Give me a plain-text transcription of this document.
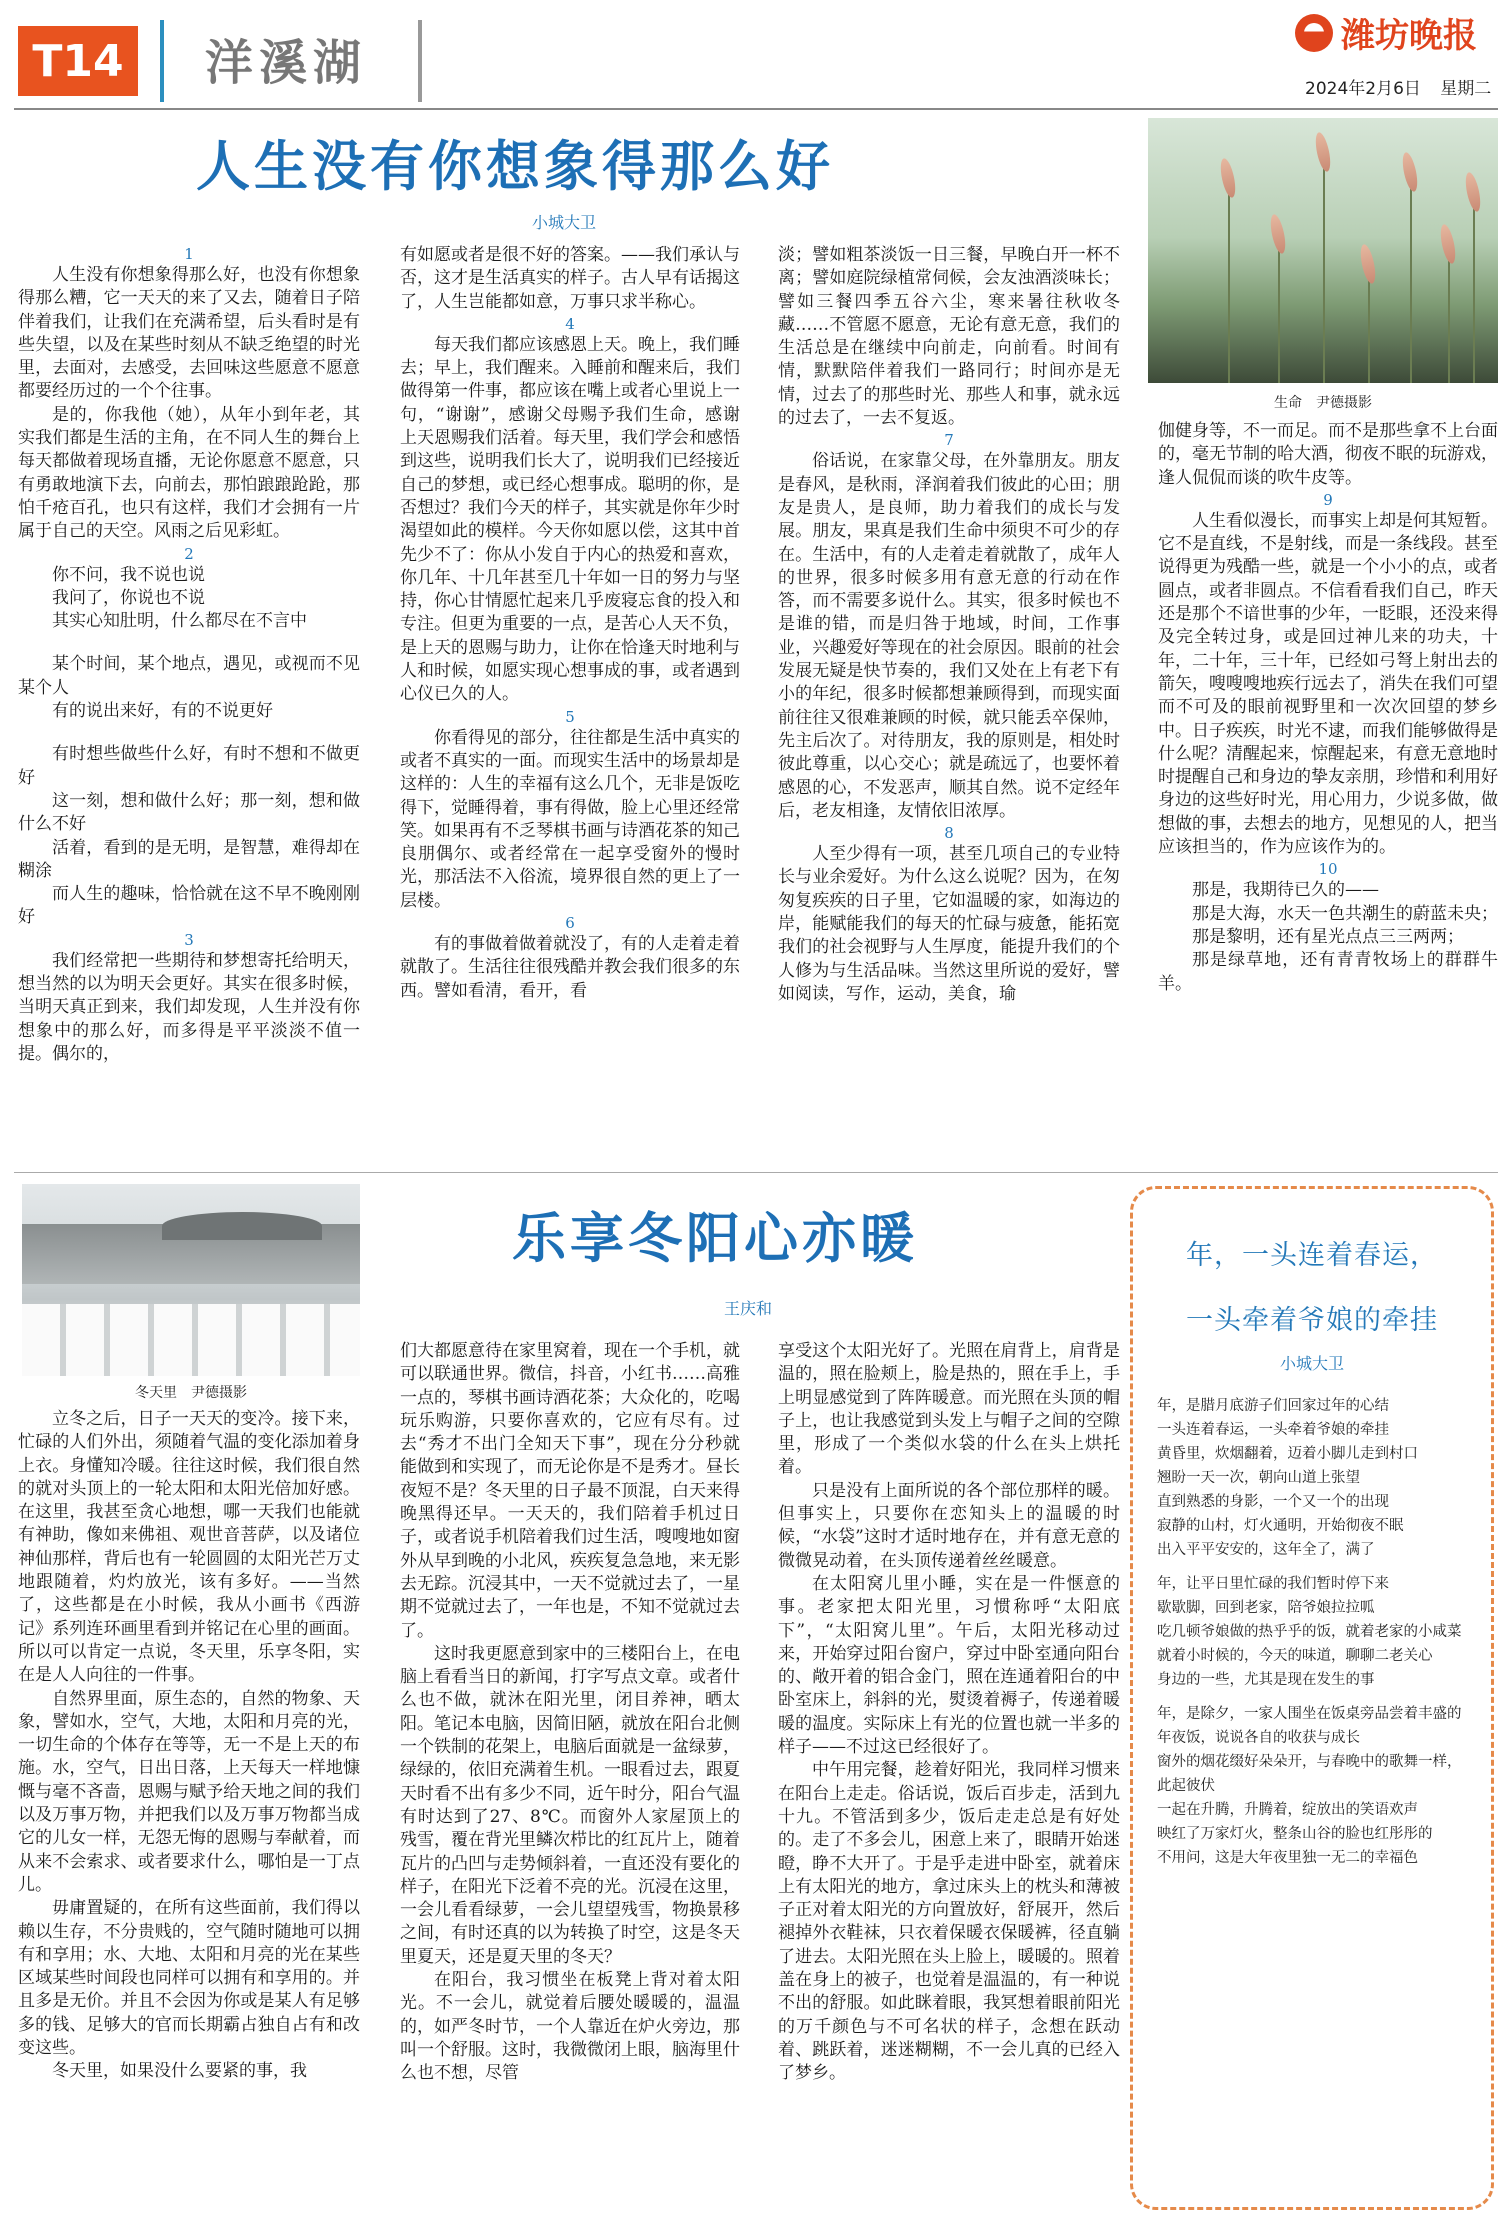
T14 洋溪湖	潍坊晚报
2024年2月6日 星期二
人生没有你想象得那么好
小城大卫

1

人生没有你想象得那么好，也没有你想象得那么糟，它一天天的来了又去，随着日子陪伴着我们，让我们在充满希望，后头看时是有些失望，以及在某些时刻从不缺乏绝望的时光里，去面对，去感受，去回味这些愿意不愿意都要经历过的一个个往事。

是的，你我他（她），从年小到年老，其实我们都是生活的主角，在不同人生的舞台上每天都做着现场直播，无论你愿意不愿意，只有勇敢地演下去，向前去，那怕踉踉跄跄，那怕千疮百孔，也只有这样，我们才会拥有一片属于自己的天空。风雨之后见彩虹。

2

你不问，我不说也说

我问了，你说也不说

其实心知肚明，什么都尽在不言中

某个时间，某个地点，遇见，或视而不见某个人

有的说出来好，有的不说更好

有时想些做些什么好，有时不想和不做更好

这一刻，想和做什么好；那一刻，想和做什么不好

活着，看到的是无明，是智慧，难得却在糊涂

而人生的趣味，恰恰就在这不早不晚刚刚好

3

我们经常把一些期待和梦想寄托给明天，想当然的以为明天会更好。其实在很多时候，当明天真正到来，我们却发现，人生并没有你想象中的那么好，而多得是平平淡淡不值一提。偶尔的，

有如愿或者是很不好的答案。——我们承认与否，这才是生活真实的样子。古人早有话揭这了，人生岂能都如意，万事只求半称心。

4

每天我们都应该感恩上天。晚上，我们睡去；早上，我们醒来。入睡前和醒来后，我们做得第一件事，都应该在嘴上或者心里说上一句，“谢谢”，感谢父母赐予我们生命，感谢上天恩赐我们活着。每天里，我们学会和感悟到这些，说明我们长大了，说明我们已经接近自己的梦想，或已经心想事成。聪明的你，是否想过？我们今天的样子，其实就是你年少时渴望如此的模样。今天你如愿以偿，这其中首先少不了：你从小发自于内心的热爱和喜欢，你几年、十几年甚至几十年如一日的努力与坚持，你心甘情愿忙起来几乎废寝忘食的投入和专注。但更为重要的一点，是苦心人天不负，是上天的恩赐与助力，让你在恰逢天时地利与人和时候，如愿实现心想事成的事，或者遇到心仪已久的人。

5

你看得见的部分，往往都是生活中真实的或者不真实的一面。而现实生活中的场景却是这样的：人生的幸福有这么几个，无非是饭吃得下，觉睡得着，事有得做，脸上心里还经常笑。如果再有不乏琴棋书画与诗酒花茶的知己良朋偶尔、或者经常在一起享受窗外的慢时光，那活法不入俗流，境界很自然的更上了一层楼。

6

有的事做着做着就没了，有的人走着走着就散了。生活往往很残酷并教会我们很多的东西。譬如看清，看开，看

淡；譬如粗茶淡饭一日三餐，早晚白开一杯不离；譬如庭院绿植常伺候，会友浊酒淡味长；譬如三餐四季五谷六尘，寒来暑往秋收冬藏……不管愿不愿意，无论有意无意，我们的生活总是在继续中向前走，向前看。时间有情，默默陪伴着我们一路同行；时间亦是无情，过去了的那些时光、那些人和事，就永远的过去了，一去不复返。

7

俗话说，在家靠父母，在外靠朋友。朋友是春风，是秋雨，泽润着我们彼此的心田；朋友是贵人，是良师，助力着我们的成长与发展。朋友，果真是我们生命中须臾不可少的存在。生活中，有的人走着走着就散了，成年人的世界，很多时候多用有意无意的行动在作答，而不需要多说什么。其实，很多时候也不是谁的错，而是归咎于地域，时间，工作事业，兴趣爱好等现在的社会原因。眼前的社会发展无疑是快节奏的，我们又处在上有老下有小的年纪，很多时候都想兼顾得到，而现实面前往往又很难兼顾的时候，就只能丢卒保帅，先主后次了。对待朋友，我的原则是，相处时彼此尊重，以心交心；就是疏远了，也要怀着感恩的心，不发恶声，顺其自然。说不定经年后，老友相逢，友情依旧浓厚。

8

人至少得有一项，甚至几项自己的专业特长与业余爱好。为什么这么说呢？因为，在匆匆复疾疾的日子里，它如温暖的家，如海边的岸，能赋能我们的每天的忙碌与疲惫，能拓宽我们的社会视野与人生厚度，能提升我们的个人修为与生活品味。当然这里所说的爱好，譬如阅读，写作，运动，美食，瑜

生命　尹德摄影

伽健身等，不一而足。而不是那些拿不上台面的，毫无节制的哈大酒，彻夜不眠的玩游戏，逢人侃侃而谈的吹牛皮等。

9

人生看似漫长，而事实上却是何其短暂。它不是直线，不是射线，而是一条线段。甚至说得更为残酷一些，就是一个小小的点，或者圆点，或者非圆点。不信看看我们自己，昨天还是那个不谙世事的少年，一眨眼，还没来得及完全转过身，或是回过神儿来的功夫，十年，二十年，三十年，已经如弓弩上射出去的箭矢，嗖嗖嗖地疾行远去了，消失在我们可望而不可及的眼前视野里和一次次回望的梦乡中。日子疾疾，时光不逮，而我们能够做得是什么呢？清醒起来，惊醒起来，有意无意地时时提醒自己和身边的挚友亲朋，珍惜和利用好身边的这些好时光，用心用力，少说多做，做想做的事，去想去的地方，见想见的人，把当应该担当的，作为应该作为的。

10

那是，我期待已久的——

那是大海，水天一色共潮生的蔚蓝未央；

那是黎明，还有星光点点三三两两；

那是绿草地，还有青青牧场上的群群牛羊。

冬天里　尹德摄影
乐享冬阳心亦暖
王庆和

立冬之后，日子一天天的变冷。接下来，忙碌的人们外出，须随着气温的变化添加着身上衣。身懂知冷暖。往往这时候，我们很自然的就对头顶上的一轮太阳和太阳光倍加好感。在这里，我甚至贪心地想，哪一天我们也能就有神助，像如来佛祖、观世音菩萨，以及诸位神仙那样，背后也有一轮圆圆的太阳光芒万丈地跟随着，灼灼放光，该有多好。——当然了，这些都是在小时候，我从小画书《西游记》系列连环画里看到并铭记在心里的画面。所以可以肯定一点说，冬天里，乐享冬阳，实在是人人向往的一件事。

自然界里面，原生态的，自然的物象、天象，譬如水，空气，大地，太阳和月亮的光，一切生命的个体存在等等，无一不是上天的布施。水，空气，日出日落，上天每天一样地慷慨与毫不吝啬，恩赐与赋予给天地之间的我们以及万事万物，并把我们以及万事万物都当成它的儿女一样，无怨无悔的恩赐与奉献着，而从来不会索求、或者要求什么，哪怕是一丁点儿。

毋庸置疑的，在所有这些面前，我们得以赖以生存，不分贵贱的，空气随时随地可以拥有和享用；水、大地、太阳和月亮的光在某些区域某些时间段也同样可以拥有和享用的。并且多是无价。并且不会因为你或是某人有足够多的钱、足够大的官而长期霸占独自占有和改变这些。

冬天里，如果没什么要紧的事，我

们大都愿意待在家里窝着，现在一个手机，就可以联通世界。微信，抖音，小红书……高雅一点的，琴棋书画诗酒花茶；大众化的，吃喝玩乐购游，只要你喜欢的，它应有尽有。过去“秀才不出门全知天下事”，现在分分秒就能做到和实现了，而无论你是不是秀才。昼长夜短不是？冬天里的日子最不顶混，白天来得晚黑得还早。一天天的，我们陪着手机过日子，或者说手机陪着我们过生活，嗖嗖地如窗外从早到晚的小北风，疾疾复急急地，来无影去无踪。沉浸其中，一天不觉就过去了，一星期不觉就过去了，一年也是，不知不觉就过去了。

这时我更愿意到家中的三楼阳台上，在电脑上看看当日的新闻，打字写点文章。或者什么也不做，就沐在阳光里，闭目养神，晒太阳。笔记本电脑，因简旧陋，就放在阳台北侧一个铁制的花架上，电脑后面就是一盆绿萝，绿绿的，依旧充满着生机。一眼看过去，跟夏天时看不出有多少不同，近午时分，阳台气温有时达到了27、8℃。而窗外人家屋顶上的残雪，覆在背光里鳞次栉比的红瓦片上，随着瓦片的凸凹与走势倾斜着，一直还没有要化的样子，在阳光下泛着不亮的光。沉浸在这里，一会儿看看绿萝，一会儿望望残雪，物换景移之间，有时还真的以为转换了时空，这是冬天里夏天，还是夏天里的冬天？

在阳台，我习惯坐在板凳上背对着太阳光。不一会儿，就觉着后腰处暖暖的，温温的，如严冬时节，一个人靠近在炉火旁边，那叫一个舒服。这时，我微微闭上眼，脑海里什么也不想，尽管

享受这个太阳光好了。光照在肩背上，肩背是温的，照在脸颊上，脸是热的，照在手上，手上明显感觉到了阵阵暖意。而光照在头顶的帽子上，也让我感觉到头发上与帽子之间的空隙里，形成了一个类似水袋的什么在头上烘托着。

只是没有上面所说的各个部位那样的暖。但事实上，只要你在恋知头上的温暖的时候，“水袋”这时才适时地存在，并有意无意的微微晃动着，在头顶传递着丝丝暖意。

在太阳窝儿里小睡，实在是一件惬意的事。老家把太阳光里，习惯称呼“太阳底下”，“太阳窝儿里”。午后，太阳光移动过来，开始穿过阳台窗户，穿过中卧室通向阳台的、敞开着的铝合金门，照在连通着阳台的中卧室床上，斜斜的光，熨烫着褥子，传递着暖暖的温度。实际床上有光的位置也就一半多的样子——不过这已经很好了。

中午用完餐，趁着好阳光，我同样习惯来在阳台上走走。俗话说，饭后百步走，活到九十九。不管活到多少，饭后走走总是有好处的。走了不多会儿，困意上来了，眼睛开始迷瞪，睁不大开了。于是乎走进中卧室，就着床上有太阳光的地方，拿过床头上的枕头和薄被子正对着太阳光的方向置放好，舒展开，然后褪掉外衣鞋袜，只衣着保暖衣保暖裤，径直躺了进去。太阳光照在头上脸上，暖暖的。照着盖在身上的被子，也觉着是温温的，有一种说不出的舒服。如此眯着眼，我冥想着眼前阳光的万千颜色与不可名状的样子，念想在跃动着、跳跃着，迷迷糊糊，不一会儿真的已经入了梦乡。

年，一头连着春运，
一头牵着爷娘的牵挂
小城大卫
年，是腊月底游子们回家过年的心结
一头连着春运，一头牵着爷娘的牵挂
黄昏里，炊烟翻着，迈着小脚儿走到村口
翘盼一天一次，朝向山道上张望
直到熟悉的身影，一个又一个的出现
寂静的山村，灯火通明，开始彻夜不眠
出入平平安安的，这年全了，满了
年，让平日里忙碌的我们暂时停下来
歇歇脚，回到老家，陪爷娘拉拉呱
吃几顿爷娘做的热乎乎的饭，就着老家的小咸菜
就着小时候的，今天的味道，聊聊二老关心
身边的一些，尤其是现在发生的事
年，是除夕，一家人围坐在饭桌旁品尝着丰盛的年夜饭，说说各自的收获与成长
窗外的烟花缀好朵朵开，与春晚中的歌舞一样，此起彼伏
一起在升腾，升腾着，绽放出的笑语欢声
映红了万家灯火，整条山谷的脸也红彤彤的
不用问，这是大年夜里独一无二的幸福色
